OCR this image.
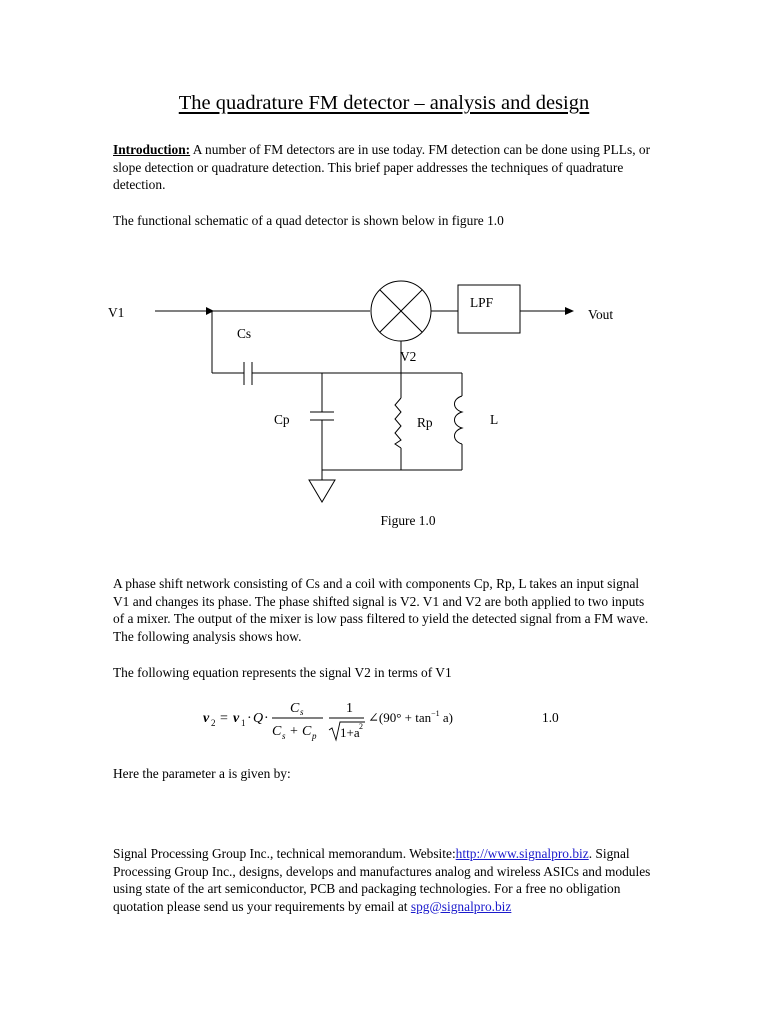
The quadrature FM detector – analysis and design
Introduction: A number of FM detectors are in use today. FM detection can be done using PLLs, or slope detection or quadrature detection. This brief paper addresses the techniques of quadrature detection.
The functional schematic of a quad detector is shown below in figure 1.0
V1	Vout
LPF
Cs
V2
Cp	Rp	L
Figure 1.0
A phase shift network consisting of Cs and a coil with components Cp, Rp, L takes an input signal V1 and changes its phase. The phase shifted signal is V2. V1 and V2 are both applied to two inputs of a mixer. The output of the mixer is low pass filtered to yield the detected signal from a FM wave. The following analysis shows how.
The following equation represents the signal V2 in terms of V1
v 2 = v 1 · Q ·
C s
C s + C p
1
1+a 2
∠(90° + $\tan^{-1} a$)	1.0
Here the parameter a is given by:
Signal Processing Group Inc., technical memorandum. Website:http://www.signalpro.biz. Signal Processing Group Inc., designs, develops and manufactures analog and wireless ASICs and modules using state of the art semiconductor, PCB and packaging technologies. For a free no obligation quotation please send us your requirements by email at spg@signalpro.biz
